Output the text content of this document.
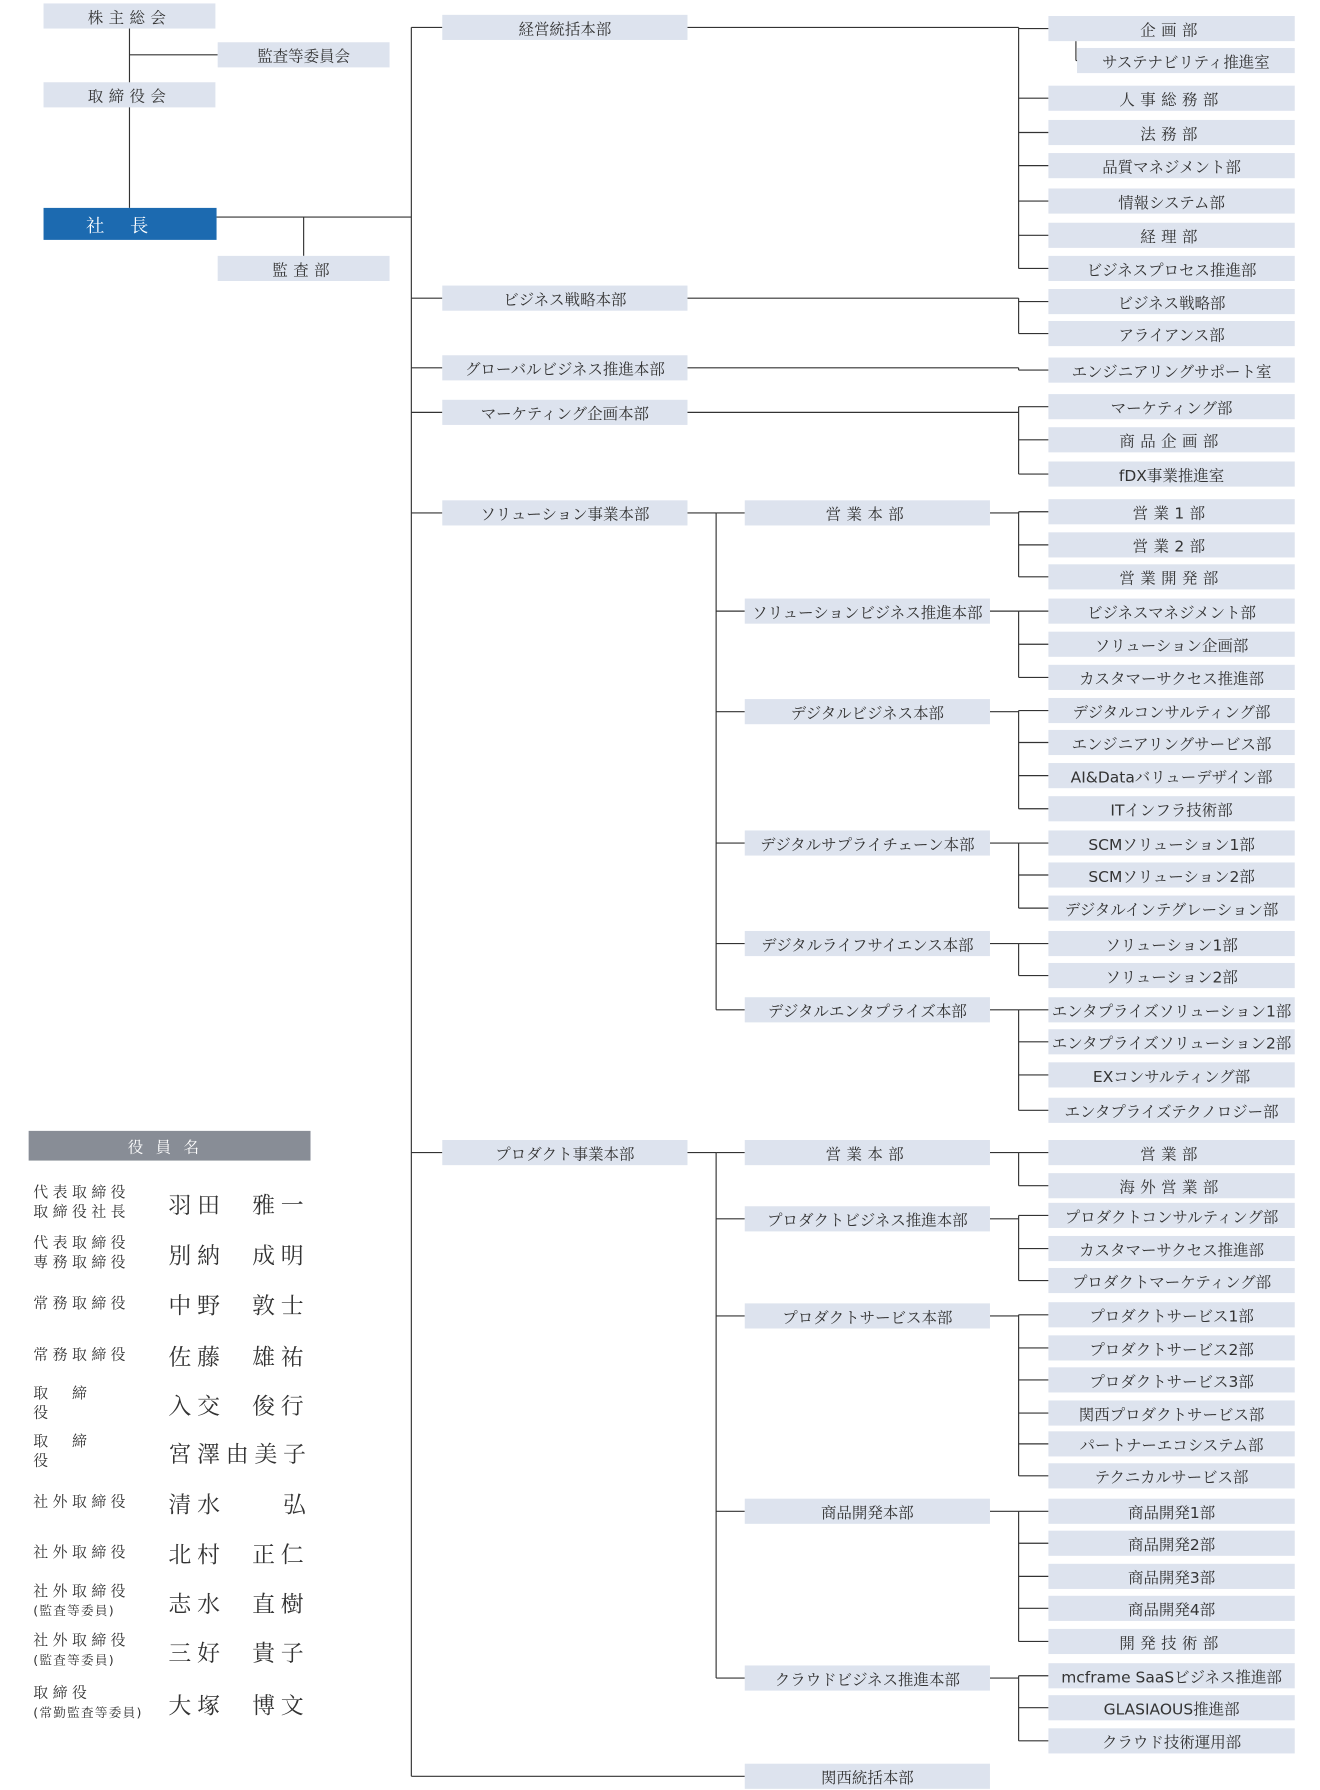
株主総会
監査等委員会
取締役会
社長
監査部
経営統括本部
ビジネス戦略本部
グローバルビジネス推進本部
マーケティング企画本部
ソリューション事業本部
プロダクト事業本部
関西統括本部
企画部
人事総務部
法務部
品質マネジメント部
情報システム部
経理部
ビジネスプロセス推進部
ビジネス戦略部
アライアンス部
エンジニアリングサポート室
マーケティング部
商品企画部
fDX事業推進室
サステナビリティ推進室
営業本部	営業1部
営業2部
営業開発部
ソリューションビジネス推進本部	ビジネスマネジメント部
ソリューション企画部
カスタマーサクセス推進部
デジタルビジネス本部	デジタルコンサルティング部
エンジニアリングサービス部
AI&Dataバリューデザイン部
ITインフラ技術部
デジタルサプライチェーン本部	SCMソリューション1部
SCMソリューション2部
デジタルインテグレーション部
デジタルライフサイエンス本部	ソリューション1部
ソリューション2部
デジタルエンタプライズ本部	エンタプライズソリューション1部
エンタプライズソリューション2部
EXコンサルティング部
エンタプライズテクノロジー部
営業本部	営業部
海外営業部
プロダクトビジネス推進本部	プロダクトコンサルティング部
カスタマーサクセス推進部
プロダクトマーケティング部
プロダクトサービス本部	プロダクトサービス1部
プロダクトサービス2部
プロダクトサービス3部
関西プロダクトサービス部
パートナーエコシステム部
テクニカルサービス部
商品開発本部	商品開発1部
商品開発2部
商品開発3部
商品開発4部
開発技術部
クラウドビジネス推進本部	mcframe SaaSビジネス推進部
GLASIAOUS推進部
クラウド技術運用部
役員名
代表取締役
取締役社長	羽田 雅一
代表取締役
専務取締役	別納 成明
常務取締役	中野 敦士
常務取締役	佐藤 雄祐
取締役	入交 俊行
取締役	宮澤由美子
社外取締役	清水	弘
社外取締役	北村 正仁
社外取締役
(監査等委員)	志水 直樹
社外取締役
(監査等委員)	三好 貴子
取締役
(常勤監査等委員) 大塚 博文
